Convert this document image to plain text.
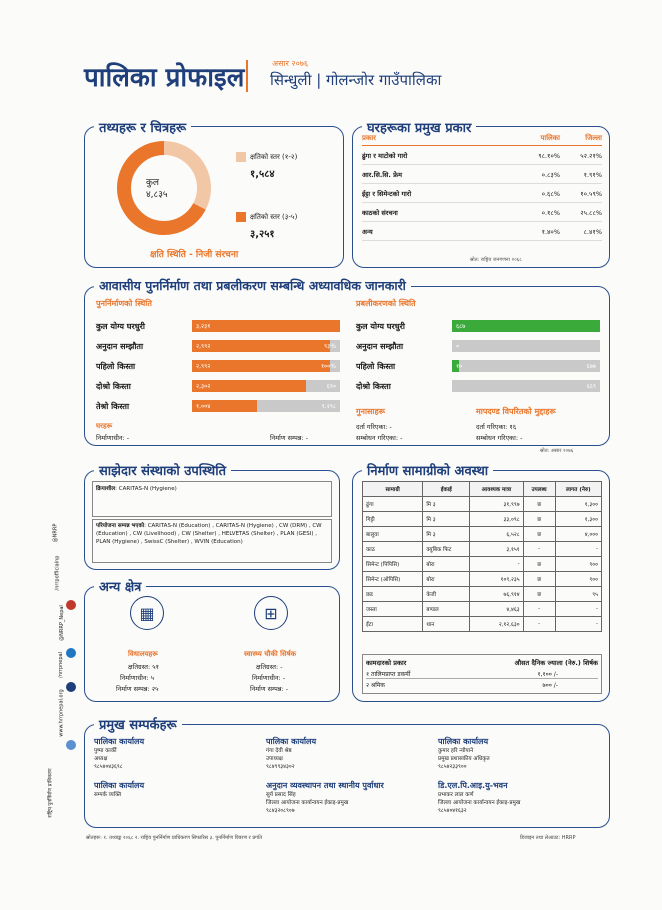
पालिका प्रोफाइल	असार २०७६
सिन्धुली | गोलन्जोर गाउँपालिका
@NRRP
/nrrpofficialnp
@NRRP_Nepal
/nrrpnepal
www.hrrpnepal.org
राष्ट्रिय पुनर्निर्माण प्राधिकरण
तथ्यहरू र चित्रहरू
कुल
४,८३५
क्षतिको स्तर (१-२)
१,५८४
क्षतिको स्तर (३-५)
३,२५१
क्षति स्थिति - निजी संरचना
घरहरूका प्रमुख प्रकार
प्रकार	पालिका	जिल्ला
ढुंगा र माटोको गारो	९८.१०%	५२.२१%
आर.सि.सि. फ्रेम	०.८३%	१.९१%
ईट्टा र सिमेन्टको गारो	०.६८%	१०.५९%
काठको संरचना	०.१८%	२५.८८%
अन्य	१.४०%	८.४१%
स्रोत: राष्ट्रिय जनगणना २०६८
आवासीय पुनर्निर्माण तथा प्रबलीकरण सम्बन्धि अध्यावधिक जानकारी
पुनर्निर्माणको स्थिति	प्रबलीकरणको स्थिति
कुल योग्य घरधुरी	३,२३१
अनुदान सम्झौता	२,९९२	९३%
पहिलो किस्ता	२,९९२	१००%
दोश्रो किस्ता	२,३०२	६९०
तेश्रो किस्ता	१,००४	१,२९८
कुल योग्य घरधुरी	६८७
अनुदान सम्झौता	०
पहिलो किस्ता	१०	६७७
दोश्रो किस्ता	६६९
घरहरू
निर्माणाधीन: -	निर्माण सम्पन्न: -
गुनासाहरू
दर्ता गरिएका: -
सम्बोधन गरिएका: -
मापदण्ड विपरितको मुद्दाहरू
दर्ता गरिएका: १६
सम्बोधन गरिएका: -
स्रोत: असार २०७६
साझेदार संस्थाको उपस्थिति
क्रियाशील: CARITAS-N (Hygiene)
परियोजना सम्पन्न भएको: CARITAS-N (Education) , CARITAS-N (Hygiene) , CW (DRM) , CW (Education) , CW (Livelihood) , CW (Shelter) , HELVETAS (Shelter) , PLAN (GESI) , PLAN (Hygiene) , SwissC (Shelter) , WVIN (Education)
अन्य क्षेत्र
▦	⊞
विधालयहरू
क्षतिग्रस्त: ५१
निर्माणाधीन: ५
निर्माण सम्पन्न: २५
स्वास्थ्य चौकी सिर्षक
क्षतिग्रस्त: -
निर्माणाधीन: -
निर्माण सम्पन्न: -
निर्माण सामाग्रीको अवस्था
सामाग्री	ईकाई	आवश्यक मात्रा	उपलब्ध	लागत (नेरु)
ढुंगा	मि ३	३१,९९७	छ	१,३००
गिट्टी	मि ३	३३,०९८	छ	१,३००
बालुवा	मि ३	६,५२८	छ	४,०००
काठ	क्युबिक फिट	३,१५१	-	-
सिमेन्ट (पिपिसि)	बोरा	-	छ	९००
सिमेन्ट (ओपिसि)	बोरा	१०९,२३५	छ	९००
छड	केजी	७६,९१४	छ	९५
जस्ता	बण्डल	४,४६३	-	-
ईंटा	थान	२,१२,६३०	-	-
कामदारको प्रकार	औसत दैनिक ज्याला (नेरु.) शिर्षक
१ तालिमप्राप्त डकर्मी	१,१०० /-
२ श्रमिक	७०० /-
प्रमुख सम्पर्कहरू
पालिका कार्यालय
पुष्पा कार्की
अध्यक्ष
९८५४०४३६९८
पालिका कार्यालय
गंगा देवी श्रेष्ठ
उपाध्यक्ष
९८४९९३४३०२
पालिका कार्यालय
कुमार हरि न्यौपाने
प्रमुख प्रशासकीय अधिकृत
९८५४२३३९००
पालिका कार्यालय
सम्पर्क व्यक्ति
अनुदान व्यवस्थापन तथा स्थानीय पुर्वाधार
सुर्य प्रसाद सिंह
जिल्ला आयोजना कार्यान्वयन ईकाइ-प्रमुख
९८४३२०८९०७
डि.एल.पि.आइ.यु-भवन
प्रभाकर लाल कर्ण
जिल्ला आयोजना कार्यान्वयन ईकाइ-प्रमुख
९८५४०४१६३२
स्रोतहरू: १. तथ्याङ्क २०६८ २. राष्ट्रिय पुनर्निर्माण प्राधिकरण सिफारिस ३. पुनर्निर्माण विवरण र प्रगति	डिजाइन तथा लेआउट: HRRP
